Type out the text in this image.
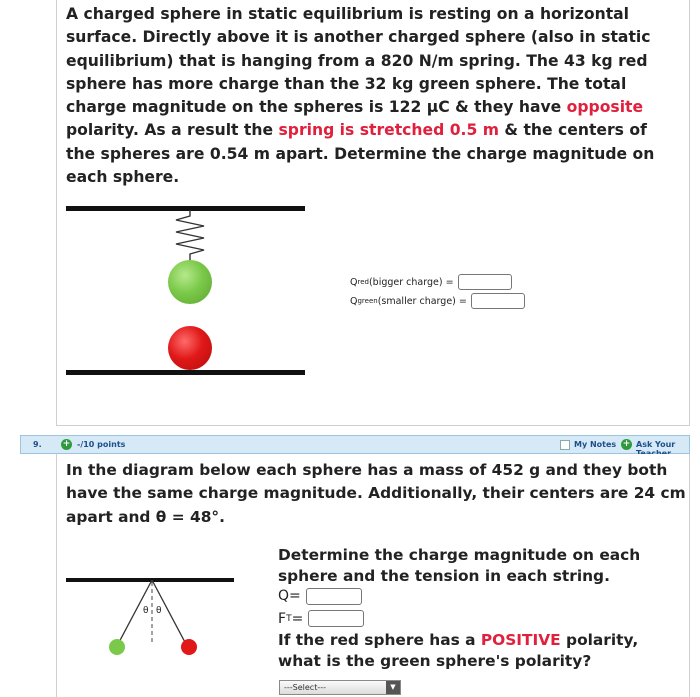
A charged sphere in static equilibrium is resting on a horizontal surface. Directly above it is another charged sphere (also in static equilibrium) that is hanging from a 820 N/m spring. The 43 kg red sphere has more charge than the 32 kg green sphere. The total charge magnitude on the spheres is 122 μC & they have opposite polarity. As a result the spring is stretched 0.5 m & the centers of the spheres are 0.54 m apart. Determine the charge magnitude on each sphere.
Q red (bigger charge) =
Q green (smaller charge) =
9. + -/10 points	My Notes + Ask Your
In the diagram below each sphere has a mass of 452 g and they both have the same charge magnitude. Additionally, their centers are 24 cm apart and θ = 48°.
θ θ
Determine the charge magnitude on each sphere and the tension in each string.
Q =
F T =
If the red sphere has a POSITIVE polarity, what is the green sphere's polarity?
---Select---	▼
